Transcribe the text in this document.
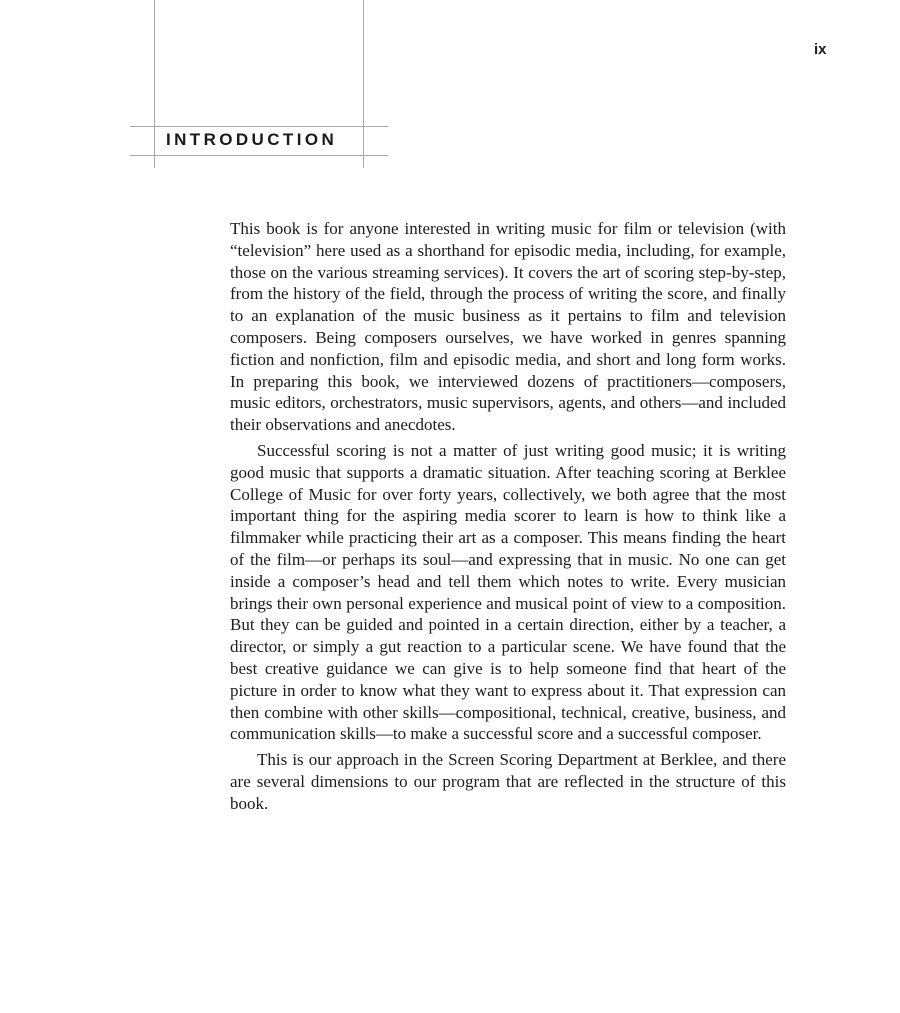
INTRODUCTION
ix

This book is for anyone interested in writing music for film or television (with “television” here used as a shorthand for episodic media, including, for example, those on the various streaming services). It covers the art of scoring step-by-step, from the history of the field, through the process of writing the score, and finally to an explanation of the music business as it pertains to film and television composers. Being composers ourselves, we have worked in genres spanning fiction and nonfiction, film and episodic media, and short and long form works. In preparing this book, we interviewed dozens of practitioners—composers, music editors, orchestrators, music supervisors, agents, and others—and included their observations and anecdotes.

Successful scoring is not a matter of just writing good music; it is writing good music that supports a dramatic situation. After teaching scoring at Berklee College of Music for over forty years, collectively, we both agree that the most important thing for the aspiring media scorer to learn is how to think like a filmmaker while practicing their art as a composer. This means finding the heart of the film—or perhaps its soul—and expressing that in music. No one can get inside a composer’s head and tell them which notes to write. Every musician brings their own personal experience and musical point of view to a composition. But they can be guided and pointed in a certain direction, either by a teacher, a director, or simply a gut reaction to a particular scene. We have found that the best creative guidance we can give is to help someone find that heart of the picture in order to know what they want to express about it. That expression can then combine with other skills—compositional, technical, creative, business, and communication skills—to make a successful score and a successful composer.

This is our approach in the Screen Scoring Department at Berklee, and there are several dimensions to our program that are reflected in the structure of this book.
